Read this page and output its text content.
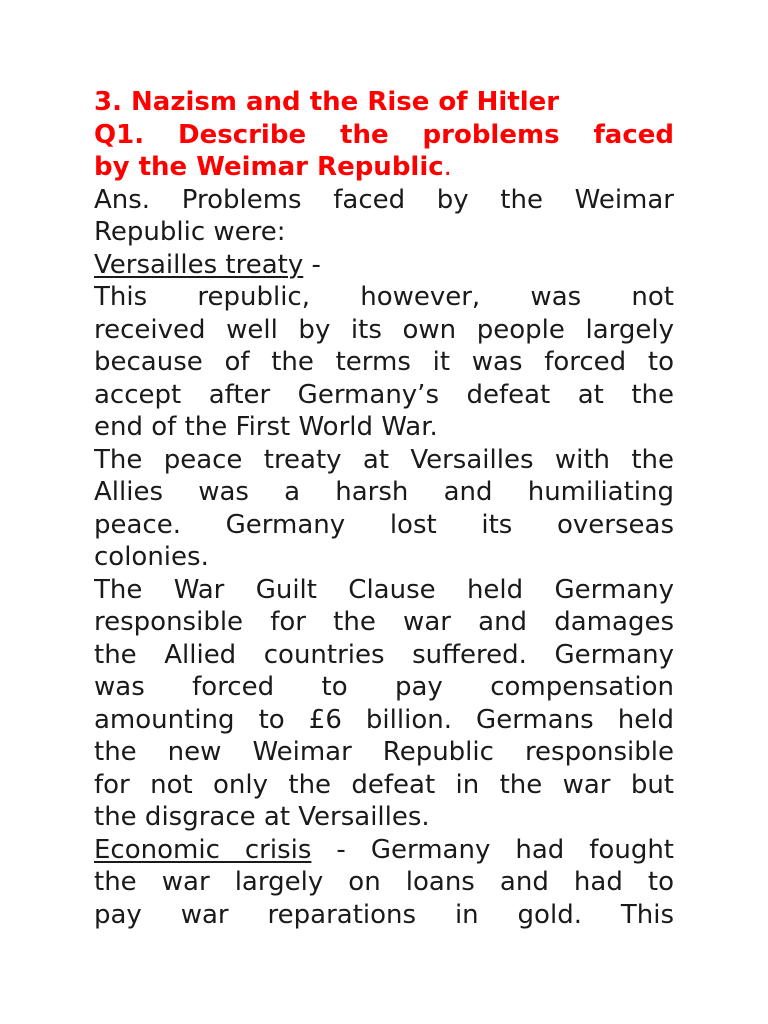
3. Nazism and the Rise of Hitler
Q1. Describe the problems faced
by the Weimar Republic.
Ans. Problems faced by the Weimar
Republic were:
Versailles treaty -
This republic, however, was not
received well by its own people largely
because of the terms it was forced to
accept after Germany’s defeat at the
end of the First World War.
The peace treaty at Versailles with the
Allies was a harsh and humiliating
peace. Germany lost its overseas
colonies.
The War Guilt Clause held Germany
responsible for the war and damages
the Allied countries suffered. Germany
was forced to pay compensation
amounting to £6 billion. Germans held
the new Weimar Republic responsible
for not only the defeat in the war but
the disgrace at Versailles.
Economic crisis - Germany had fought
the war largely on loans and had to
pay war reparations in gold. This
